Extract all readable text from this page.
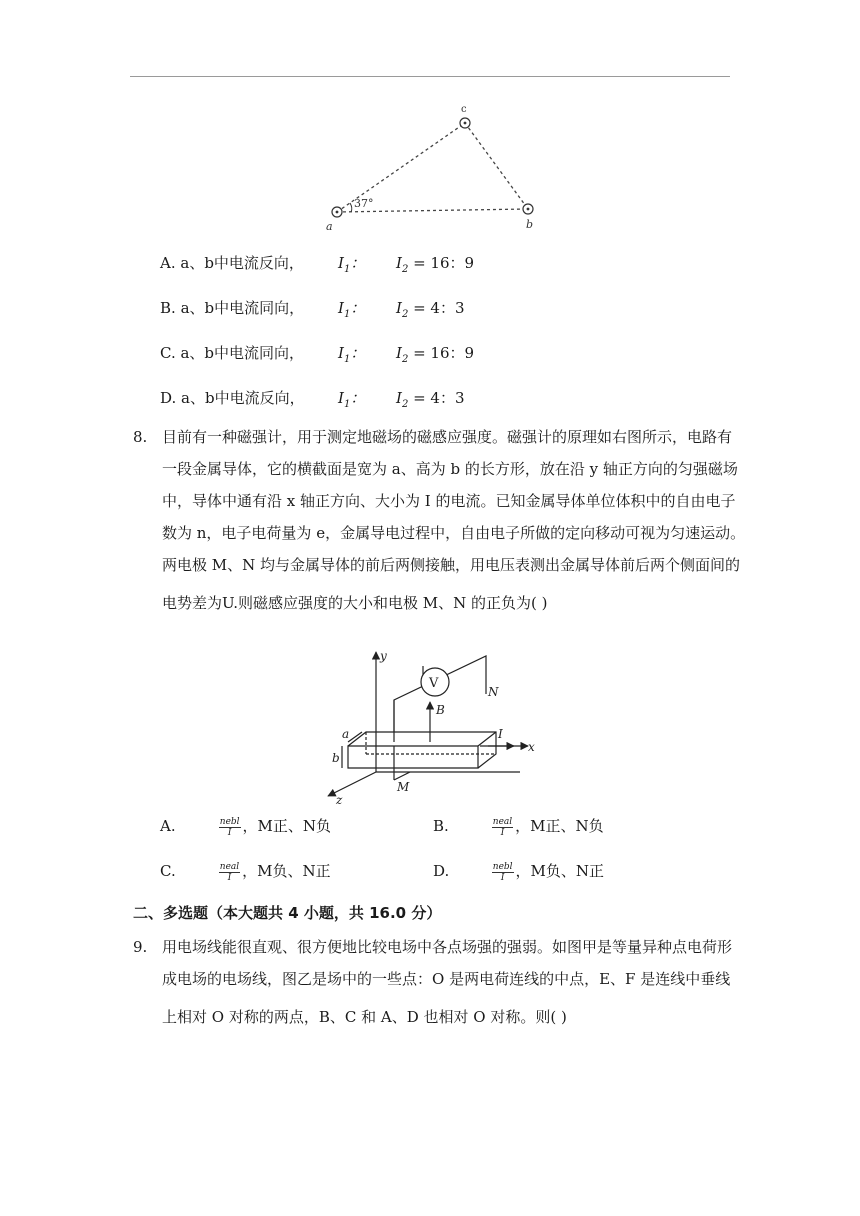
37°
a	b
c
A. a、b中电流反向， $I_1$： $I_2 = 16$：9
B. a、b中电流同向， $I_1$： $I_2 = 4$：3
C. a、b中电流同向， $I_1$： $I_2 = 16$：9
D. a、b中电流反向， $I_1$： $I_2 = 4$：3
8. 目前有一种磁强计，用于测定地磁场的磁感应强度。磁强计的原理如右图所示，电路有
一段金属导体，它的横截面是宽为 a、高为 b 的长方形，放在沿 y 轴正方向的匀强磁场
中，导体中通有沿 x 轴正方向、大小为 I 的电流。已知金属导体单位体积中的自由电子
数为 n，电子电荷量为 e，金属导电过程中，自由电子所做的定向移动可视为匀速运动。
两电极 M、N 均与金属导体的前后两侧接触，用电压表测出金属导体前后两个侧面间的
电势差为U.则磁感应强度的大小和电极 M、N 的正负为( )
V
y
x
z
N
M
B
I
a
b
A.	$\frac{\text{nebl}}{I}$ ，M正、N负	B.	$\frac{\text{neal}}{I}$ ，M正、N负
C.	$\frac{\text{neal}}{I}$ ，M负、N正	D.	$\frac{\text{nebl}}{I}$ ，M负、N正
二、多选题（本大题共 4 小题，共 16.0 分）
9. 用电场线能很直观、很方便地比较电场中各点场强的强弱。如图甲是等量异种点电荷形
成电场的电场线，图乙是场中的一些点：O 是两电荷连线的中点，E、F 是连线中垂线
上相对 O 对称的两点，B、C 和 A、D 也相对 O 对称。则( )
